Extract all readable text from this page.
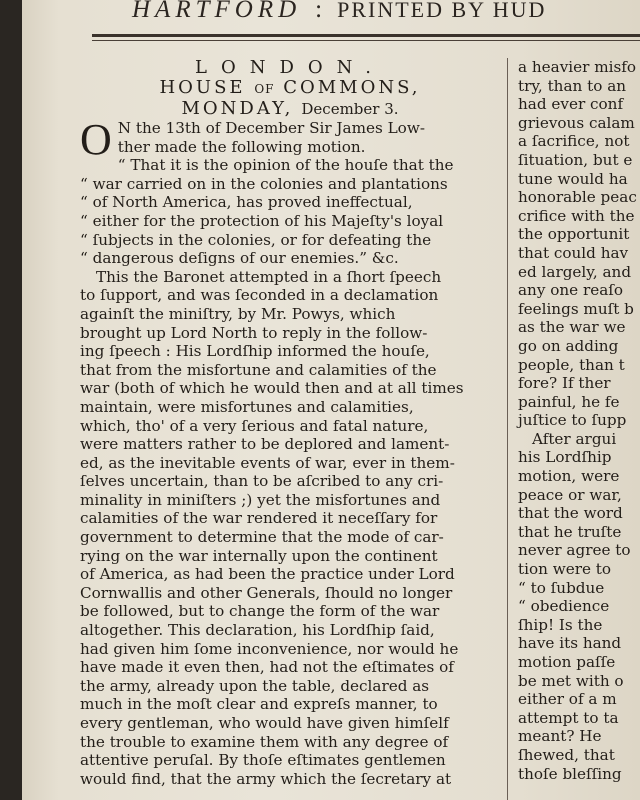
HARTFORD : PRINTED BY HUD
LONDON.
HOUSE OF COMMONS,
MONDAY, December 3.
O N the 13th of December Sir James Low-
ther made the following motion.
“ That it is the opinion of the houſe that the
“ war carried on in the colonies and plantations
“ of North America, has proved ineffectual,
“ either for the protection of his Majeſty's loyal
“ ſubjects in the colonies, or for defeating the
“ dangerous deſigns of our enemies.” &c.
This the Baronet attempted in a ſhort ſpeech
to ſupport, and was ſeconded in a declamation
againſt the miniſtry, by Mr. Powys, which
brought up Lord North to reply in the follow-
ing ſpeech : His Lordſhip informed the houſe,
that from the misfortune and calamities of the
war (both of which he would then and at all times
maintain, were misfortunes and calamities,
which, tho' of a very ſerious and fatal nature,
were matters rather to be deplored and lament-
ed, as the inevitable events of war, ever in them-
ſelves uncertain, than to be aſcribed to any cri-
minality in miniſters ;) yet the misfortunes and
calamities of the war rendered it neceſſary for
government to determine that the mode of car-
rying on the war internally upon the continent
of America, as had been the practice under Lord
Cornwallis and other Generals, ſhould no longer
be followed, but to change the form of the war
altogether. This declaration, his Lordſhip ſaid,
had given him ſome inconvenience, nor would he
have made it even then, had not the eſtimates of
the army, already upon the table, declared as
much in the moſt clear and expreſs manner, to
every gentleman, who would have given himſelf
the trouble to examine them with any degree of
attentive peruſal. By thoſe eſtimates gentlemen
would find, that the army which the ſecretary at
a heavier misfo
try, than to an
had ever conf
grievous calam
a ſacrifice, not
ſituation, but e
tune would ha
honorable peac
crifice with the
the opportunit
that could hav
ed largely, and
any one reaſo
feelings muſt b
as the war we
go on adding
people, than t
fore? If ther
painful, he fe
juſtice to ſupp
After argui
his Lordſhip
motion, were
peace or war,
that the word
that he truſte
never agree to
tion were to
“ to ſubdue
“ obedience
ſhip! Is the
have its hand
motion paſſe
be met with o
either of a m
attempt to ta
meant? He
ſhewed, that
thoſe bleſſing
